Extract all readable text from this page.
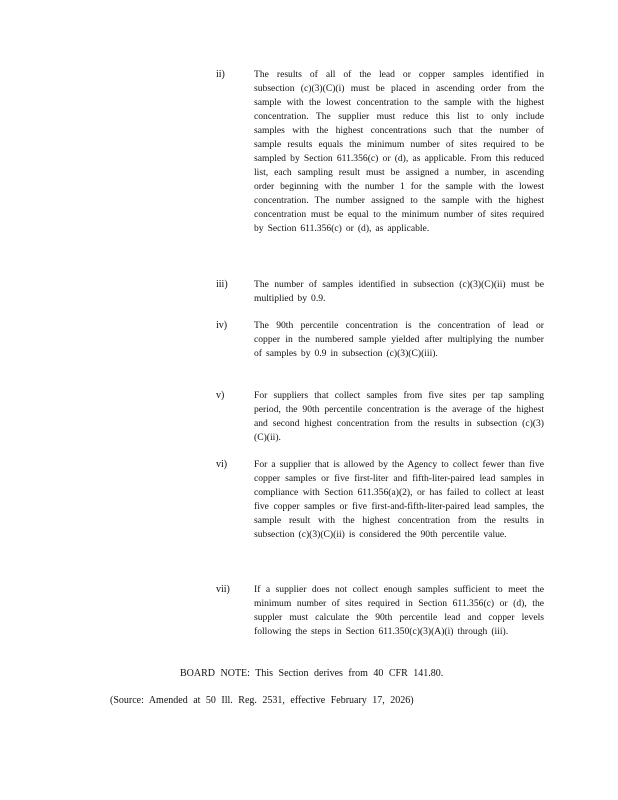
ii)	The results of all of the lead or copper samples identified in subsection (c)(3)(C)(i) must be placed in ascending order from the sample with the lowest concentration to the sample with the highest concentration. The supplier must reduce this list to only include samples with the highest concentrations such that the number of sample results equals the minimum number of sites required to be sampled by Section 611.356(c) or (d), as applicable. From this reduced list, each sampling result must be assigned a number, in ascending order beginning with the number 1 for the sample with the lowest concentration. The number assigned to the sample with the highest concentration must be equal to the minimum number of sites required by Section 611.356(c) or (d), as applicable.
iii)	The number of samples identified in subsection (c)(3)(C)(ii) must be multiplied by 0.9.
iv)	The 90th percentile concentration is the concentration of lead or copper in the numbered sample yielded after multiplying the number of samples by 0.9 in subsection (c)(3)(C)(iii).
v)	For suppliers that collect samples from five sites per tap sampling period, the 90th percentile concentration is the average of the highest and second highest concentration from the results in subsection (c)(3)(C)(ii).
vi)	For a supplier that is allowed by the Agency to collect fewer than five copper samples or five first-liter and fifth-liter-paired lead samples in compliance with Section 611.356(a)(2), or has failed to collect at least five copper samples or five first-and-fifth-liter-paired lead samples, the sample result with the highest concentration from the results in subsection (c)(3)(C)(ii) is considered the 90th percentile value.
vii)	If a supplier does not collect enough samples sufficient to meet the minimum number of sites required in Section 611.356(c) or (d), the suppler must calculate the 90th percentile lead and copper levels following the steps in Section 611.350(c)(3)(A)(i) through (iii).
BOARD NOTE: This Section derives from 40 CFR 141.80.
(Source: Amended at 50 Ill. Reg. 2531, effective February 17, 2026)
